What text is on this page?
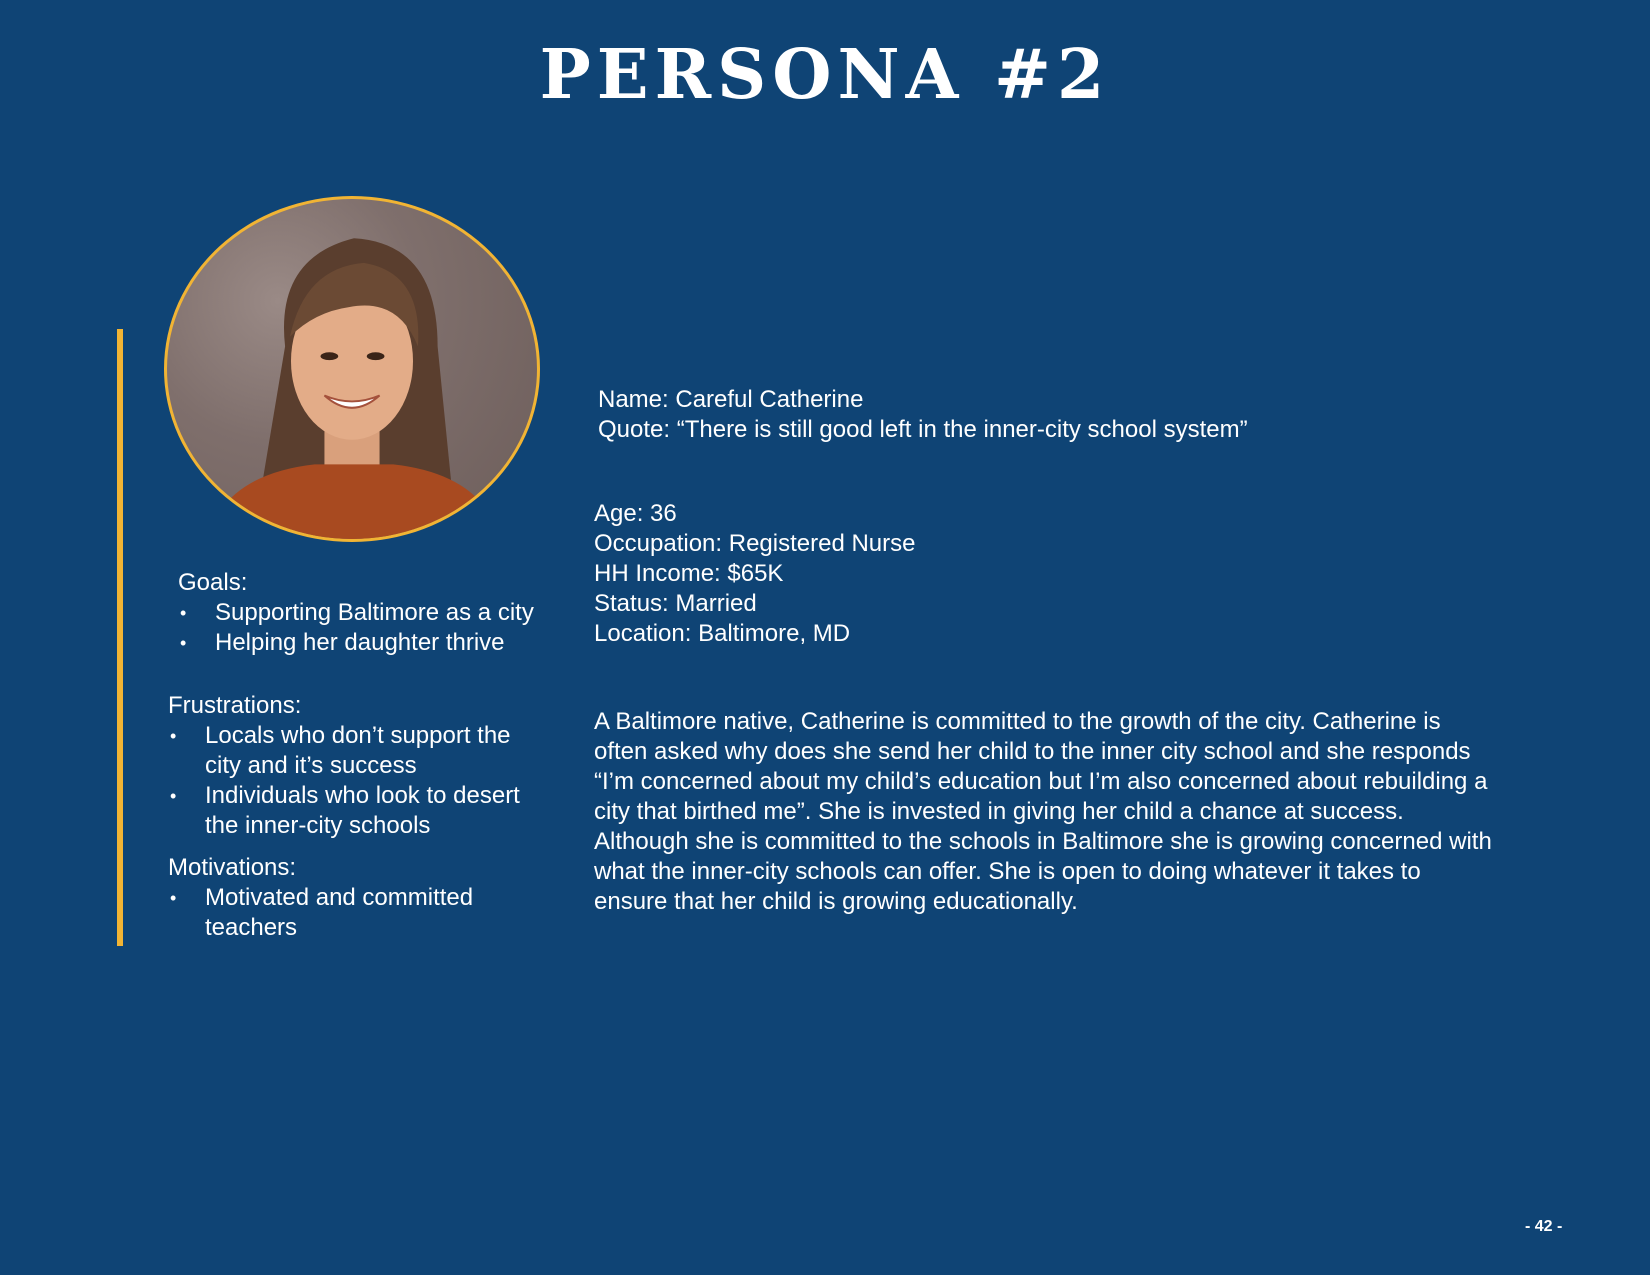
PERSONA #2
Name: Careful Catherine
Quote: “There is still good left in the inner-city school system”
Age: 36
Occupation: Registered Nurse
HH Income: $65K
Status: Married
Location: Baltimore, MD
Goals:
• Supporting Baltimore as a city
• Helping her daughter thrive
Frustrations:
• Locals who don’t support the city and it’s success
• Individuals who look to desert the inner-city schools
Motivations:
• Motivated and committed teachers

A Baltimore native, Catherine is committed to the growth of the city. Catherine is often asked why does she send her child to the inner city school and she responds “I’m concerned about my child’s education but I’m also concerned about rebuilding a city that birthed me”. She is invested in giving her child a chance at success. Although she is committed to the schools in Baltimore she is growing concerned with what the inner-city schools can offer. She is open to doing whatever it takes to ensure that her child is growing educationally.

- 42 -
